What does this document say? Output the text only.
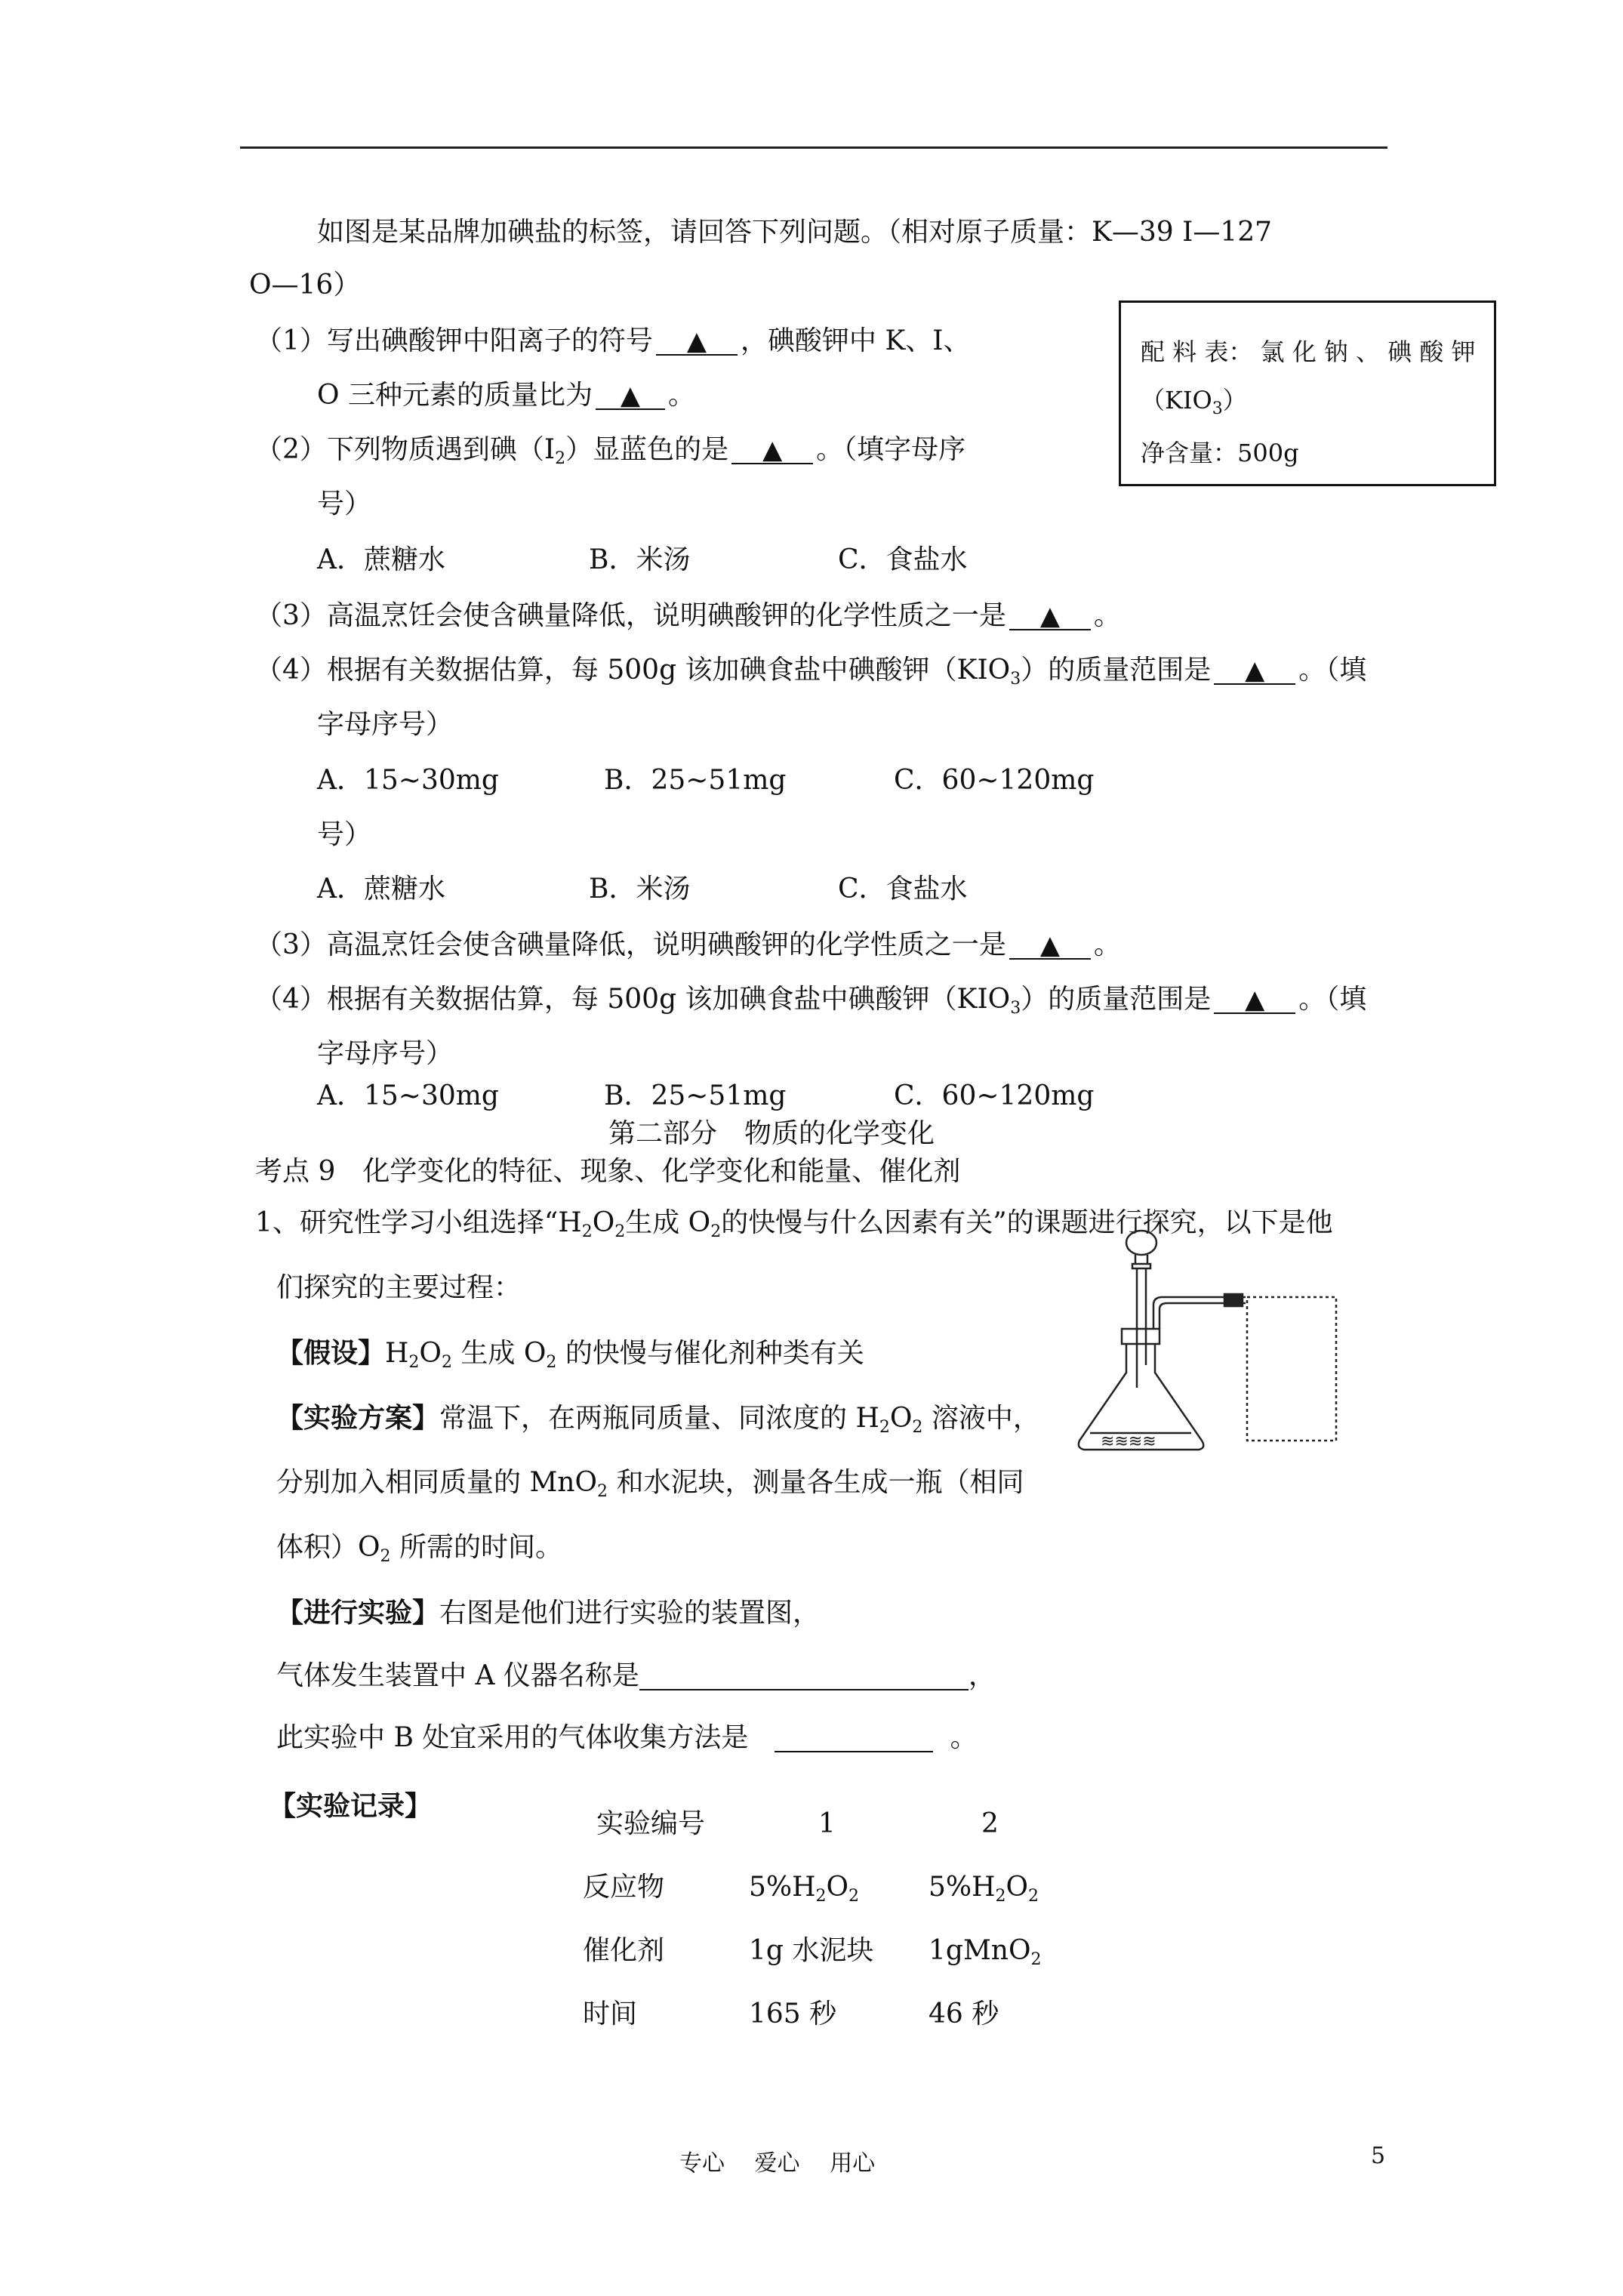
如图是某品牌加碘盐的标签，请回答下列问题。（相对原子质量：K—39 I—127
O—16）
配 料 表： 氯 化 钠 、 碘 酸 钾
$(KIO_3)$
净含量：500g
（1）写出碘酸钾中阳离子的符号 ▲ ，碘酸钾中 K、I、
O 三种元素的质量比为 ▲ 。
（2）下列物质遇到碘$(I_2)$显蓝色的是 ▲ 。（填字母序
号）
A．蔗糖水	B．米汤	C．食盐水
（3）高温烹饪会使含碘量降低，说明碘酸钾的化学性质之一是 ▲ 。
（4）根据有关数据估算，每 500g 该加碘食盐中碘酸钾$(KIO_3)$的质量范围是 ▲ 。（填
字母序号）
A．15~30mg	B．25~51mg	C．60~120mg
号）
A．蔗糖水	B．米汤	C．食盐水
（3）高温烹饪会使含碘量降低，说明碘酸钾的化学性质之一是 ▲ 。
（4）根据有关数据估算，每 500g 该加碘食盐中碘酸钾$(KIO_3)$的质量范围是 ▲ 。（填
字母序号）
A．15~30mg	B．25~51mg	C．60~120mg
第二部分　物质的化学变化
考点 9　化学变化的特征、现象、化学变化和能量、催化剂
1、研究性学习小组选择“$H_2O_2$生成 $O_2$的快慢与什么因素有关”的课题进行探究，以下是他
们探究的主要过程：
【假设】$H_2O_2$ 生成 $O_2$ 的快慢与催化剂种类有关
【实验方案】常温下，在两瓶同质量、同浓度的 $H_2O_2$ 溶液中，
分别加入相同质量的 MnO$_2$ 和水泥块，测量各生成一瓶（相同
体积）$O_2$ 所需的时间。
【进行实验】右图是他们进行实验的装置图，
气体发生装置中 A 仪器名称是	，
此实验中 B 处宜采用的气体收集方法是	。
【实验记录】
≋≋≋≋
实验编号	1	2
反应物	$5\%H_2O_2$	$5\%H_2O_2$
催化剂	1g 水泥块 1gMnO$_2$
时间	165 秒	46 秒
专心　 爱心　 用心	5
